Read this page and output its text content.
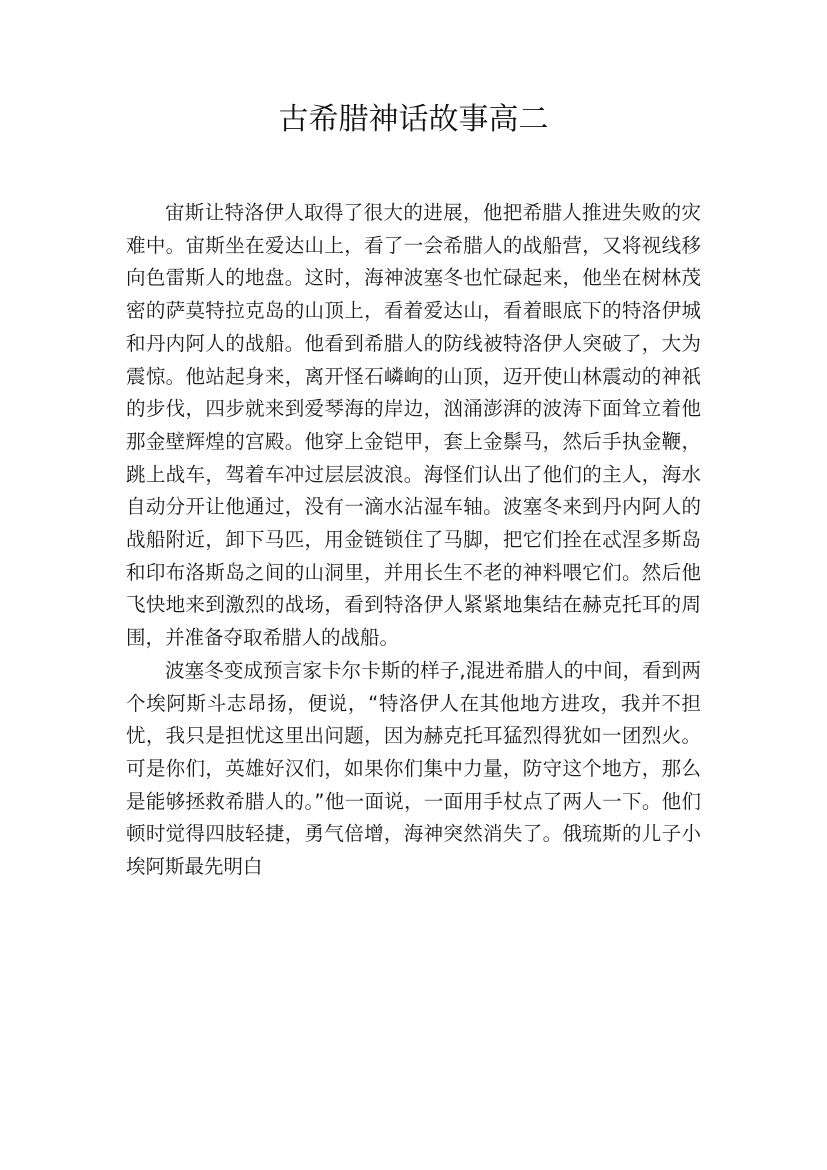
古希腊神话故事高二

宙斯让特洛伊人取得了很大的进展，他把希腊人推进失败的灾难中。宙斯坐在爱达山上，看了一会希腊人的战船营，又将视线移向色雷斯人的地盘。这时，海神波塞冬也忙碌起来，他坐在树林茂密的萨莫特拉克岛的山顶上，看着爱达山，看着眼底下的特洛伊城和丹内阿人的战船。他看到希腊人的防线被特洛伊人突破了，大为震惊。他站起身来，离开怪石嶙峋的山顶，迈开使山林震动的神祇的步伐，四步就来到爱琴海的岸边，汹涌澎湃的波涛下面耸立着他那金壁辉煌的宫殿。他穿上金铠甲，套上金鬃马，然后手执金鞭，跳上战车，驾着车冲过层层波浪。海怪们认出了他们的主人，海水自动分开让他通过，没有一滴水沾湿车轴。波塞冬来到丹内阿人的战船附近，卸下马匹，用金链锁住了马脚，把它们拴在忒涅多斯岛和印布洛斯岛之间的山洞里，并用长生不老的神料喂它们。然后他飞快地来到激烈的战场，看到特洛伊人紧紧地集结在赫克托耳的周围，并准备夺取希腊人的战船。

波塞冬变成预言家卡尔卡斯的样子,混进希腊人的中间，看到两个埃阿斯斗志昂扬，便说，“特洛伊人在其他地方进攻，我并不担忧，我只是担忧这里出问题，因为赫克托耳猛烈得犹如一团烈火。可是你们，英雄好汉们，如果你们集中力量，防守这个地方，那么是能够拯救希腊人的。”他一面说，一面用手杖点了两人一下。他们顿时觉得四肢轻捷，勇气倍增，海神突然消失了。俄琉斯的儿子小埃阿斯最先明白
